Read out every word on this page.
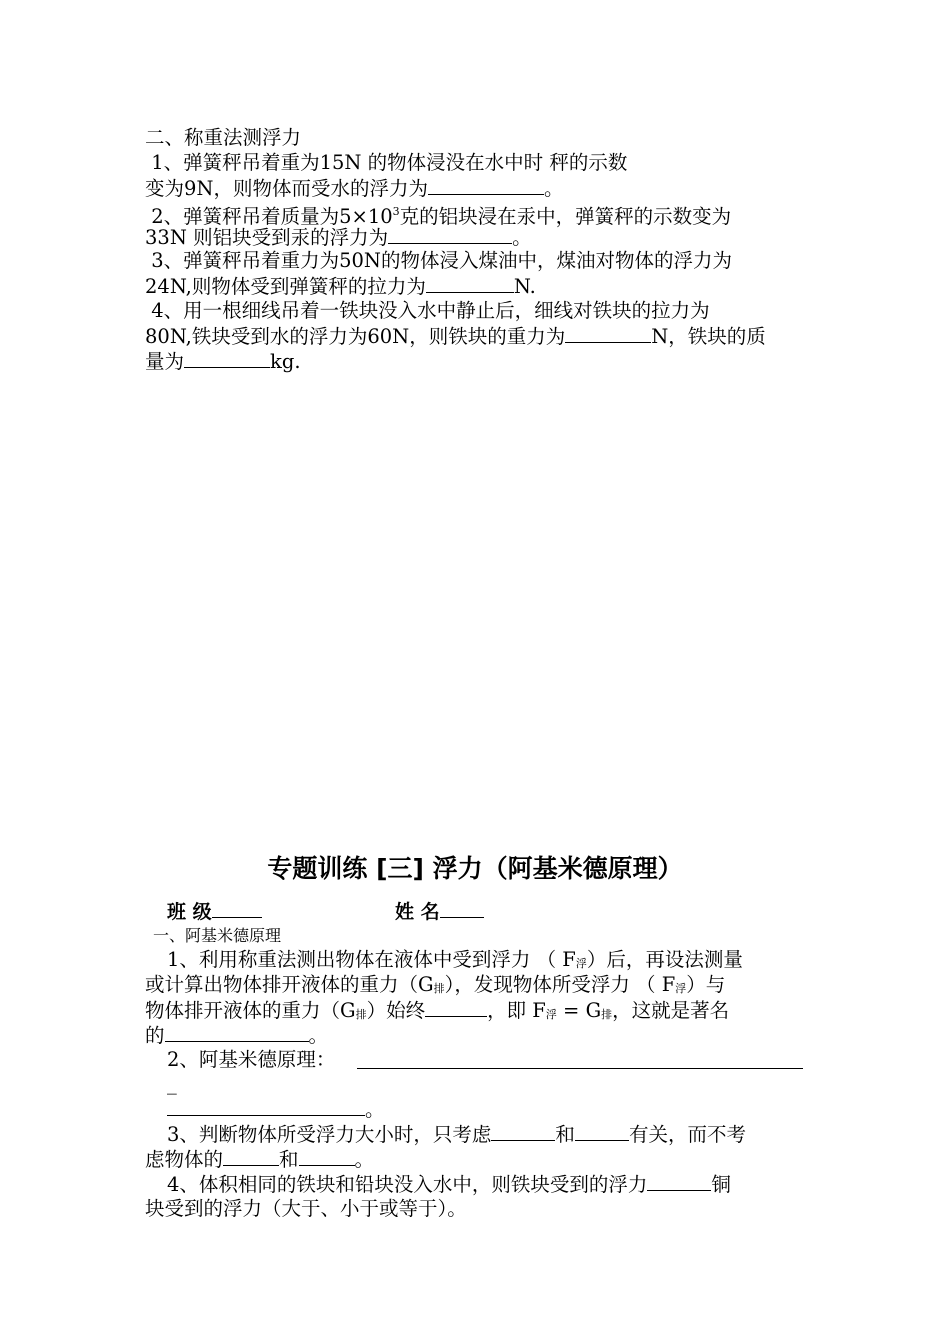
二、称重法测浮力
1、弹簧秤吊着重为15N 的物体浸没在水中时 秤的示数
变为9N，则物体而受水的浮力为	。
2、弹簧秤吊着质量为$5\times 10^3$克的铝块浸在汞中，弹簧秤的示数变为
33N 则铝块受到汞的浮力为	。
3、弹簧秤吊着重力为50N的物体浸入煤油中，煤油对物体的浮力为
24N,则物体受到弹簧秤的拉力为	N.
4、用一根细线吊着一铁块没入水中静止后，细线对铁块的拉力为
80N,铁块受到水的浮力为60N，则铁块的重力为	N，铁块的质
量为	kg.
专题训练 [三] 浮力（阿基米德原理）
班 级	姓 名
一、阿基米德原理
1、利用称重法测出物体在液体中受到浮力 （ F浮）后，再设法测量
或计算出物体排开液体的重力（G排），发现物体所受浮力 （ F浮）与
物体排开液体的重力（G排）始终	，即 F浮 = G排，这就是著名
的	。
2、阿基米德原理：
_
。
3、判断物体所受浮力大小时，只考虑	和	有关，而不考
虑物体的	和	。
4、体积相同的铁块和铅块没入水中，则铁块受到的浮力	铜
块受到的浮力（大于、小于或等于）。
